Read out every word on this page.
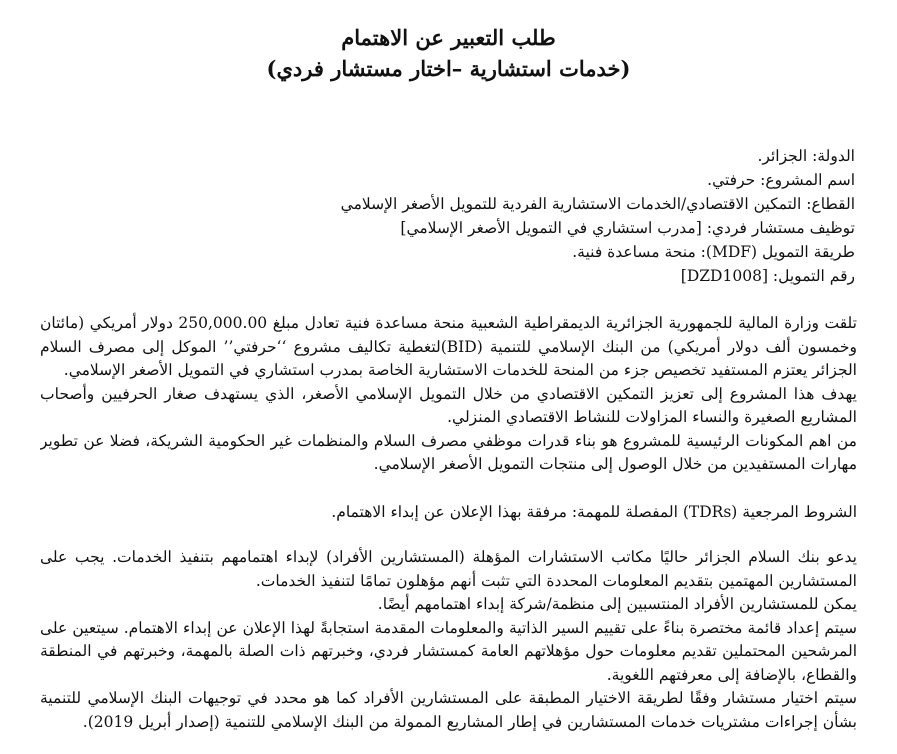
طلب التعبير عن الاهتمام
(خدمات استشارية –اختار مستشار فردي)
الدولة: الجزائر.
اسم المشروع: حرفتي.
القطاع: التمكين الاقتصادي/الخدمات الاستشارية الفردية للتمويل الأصغر الإسلامي
توظيف مستشار فردي: [مدرب استشاري في التمويل الأصغر الإسلامي]
طريقة التمويل (MDF): منحة مساعدة فنية.
رقم التمويل: [DZD1008]

تلقت وزارة المالية للجمهورية الجزائرية الديمقراطية الشعبية منحة مساعدة فنية تعادل مبلغ 250,000.00 دولار أمريكي (مائتان وخمسون ألف دولار أمريكي) من البنك الإسلامي للتنمية (BID)لتغطية تكاليف مشروع ‘‘حرفتي’’ الموكل إلى مصرف السلام الجزائر يعتزم المستفيد تخصيص جزء من المنحة للخدمات الاستشارية الخاصة بمدرب استشاري في التمويل الأصغر الإسلامي.

يهدف هذا المشروع إلى تعزيز التمكين الاقتصادي من خلال التمويل الإسلامي الأصغر، الذي يستهدف صغار الحرفيين وأصحاب المشاريع الصغيرة والنساء المزاولات للنشاط الاقتصادي المنزلي.

من اهم المكونات الرئيسية للمشروع هو بناء قدرات موظفي مصرف السلام والمنظمات غير الحكومية الشريكة، فضلا عن تطوير مهارات المستفيدين من خلال الوصول إلى منتجات التمويل الأصغر الإسلامي.

الشروط المرجعية (TDRs) المفصلة للمهمة: مرفقة بهذا الإعلان عن إبداء الاهتمام.

يدعو بنك السلام الجزائر حاليًا مكاتب الاستشارات المؤهلة (المستشارين الأفراد) لإبداء اهتمامهم بتنفيذ الخدمات. يجب على المستشارين المهتمين بتقديم المعلومات المحددة التي تثبت أنهم مؤهلون تمامًا لتنفيذ الخدمات.

يمكن للمستشارين الأفراد المنتسبين إلى منظمة/شركة إبداء اهتمامهم أيضًا.

سيتم إعداد قائمة مختصرة بناءً على تقييم السير الذاتية والمعلومات المقدمة استجابةً لهذا الإعلان عن إبداء الاهتمام. سيتعين على المرشحين المحتملين تقديم معلومات حول مؤهلاتهم العامة كمستشار فردي، وخبرتهم ذات الصلة بالمهمة، وخبرتهم في المنطقة والقطاع، بالإضافة إلى معرفتهم اللغوية.

سيتم اختيار مستشار وفقًا لطريقة الاختيار المطبقة على المستشارين الأفراد كما هو محدد في توجيهات البنك الإسلامي للتنمية بشأن إجراءات مشتريات خدمات المستشارين في إطار المشاريع الممولة من البنك الإسلامي للتنمية (إصدار أبريل 2019).
